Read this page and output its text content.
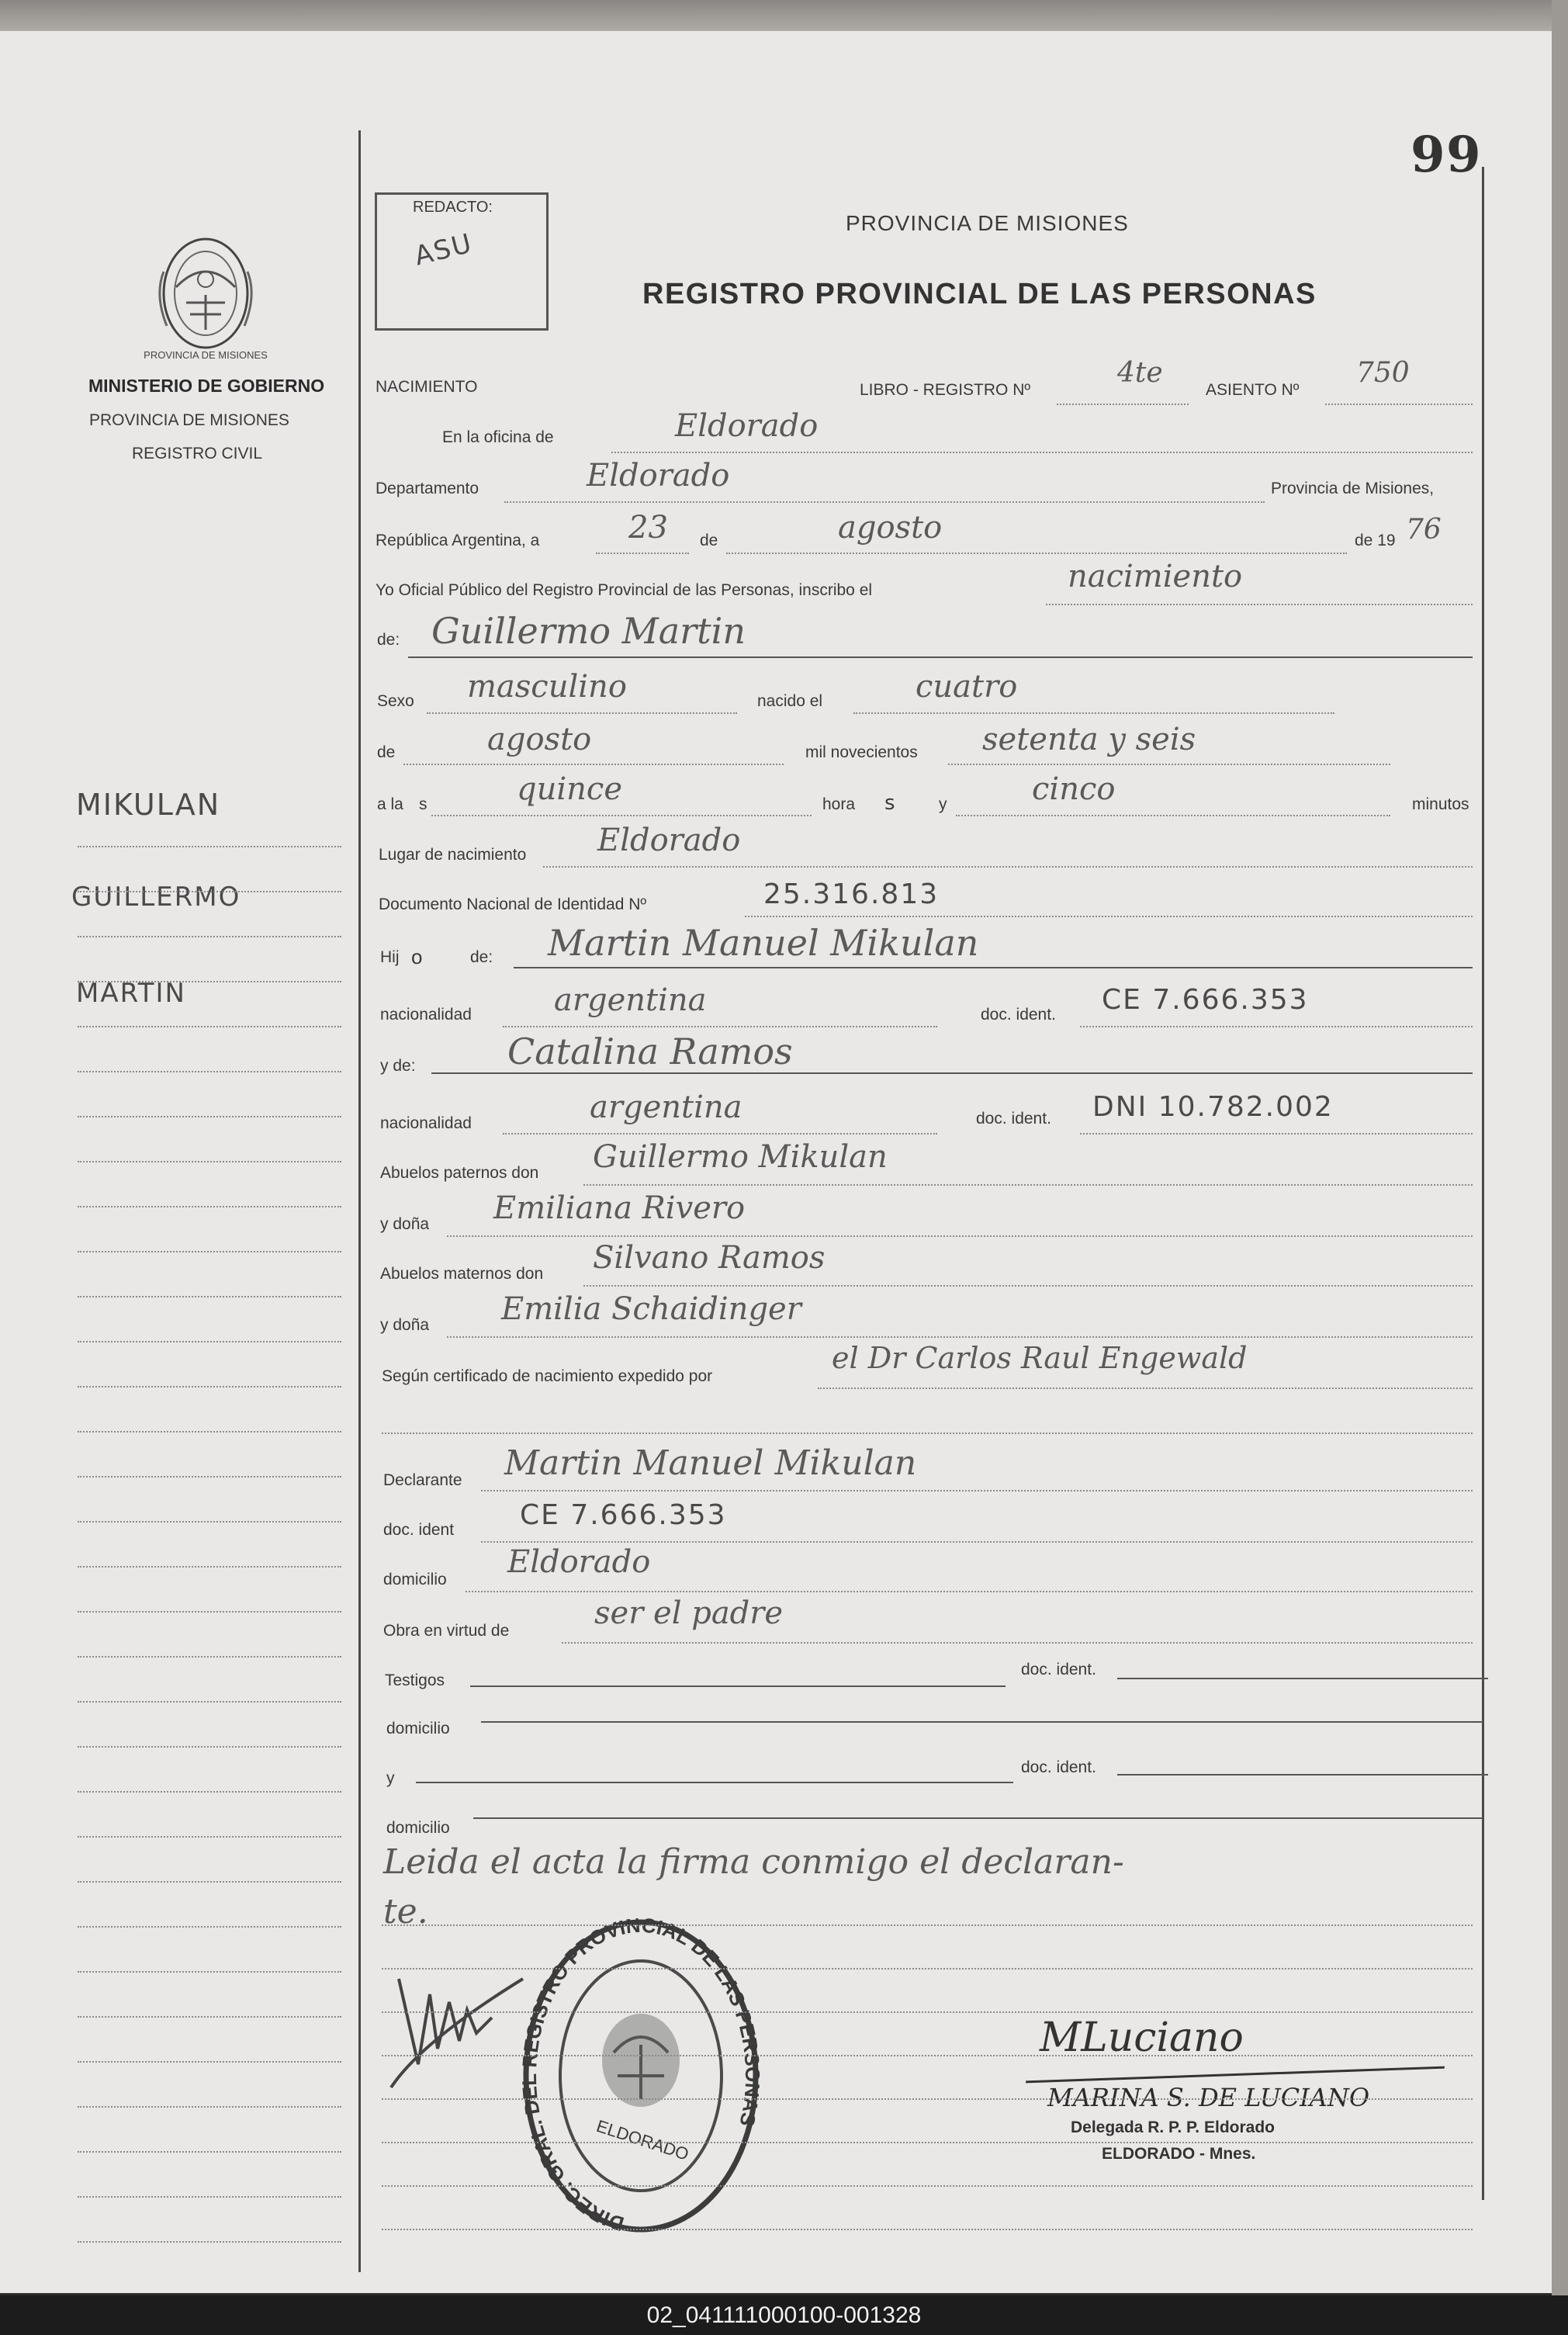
99
PROVINCIA DE MISIONES
MINISTERIO DE GOBIERNO
PROVINCIA DE MISIONES
REGISTRO CIVIL
MIKULAN
GUILLERMO
MARTIN
REDACTO:
ASU
PROVINCIA DE MISIONES
REGISTRO PROVINCIAL DE LAS PERSONAS
NACIMIENTO	LIBRO - REGISTRO Nº
4te
ASIENTO Nº
750
En la oficina de	Eldorado
Departamento	Eldorado	Provincia de Misiones,
República Argentina, a	23 de	agosto	de 19 76
Yo Oficial Público del Registro Provincial de las Personas, inscribo el	nacimiento
de: Guillermo Martin
Sexo masculino	nacido el	cuatro
de	agosto	mil novecientos setenta y seis
a la s	quince	hora s	y	cinco	minutos
Lugar de nacimiento Eldorado
Documento Nacional de Identidad Nº	25.316.813
Hij o	de: Martin Manuel Mikulan
nacionalidad	argentina	doc. ident. CE 7.666.353
y de:	Catalina Ramos
nacionalidad	argentina	doc. ident. DNI 10.782.002
Abuelos paternos don Guillermo Mikulan
y doña Emiliana Rivero
Abuelos maternos don Silvano Ramos
y doña Emilia Schaidinger
Según certificado de nacimiento expedido por
el Dr Carlos Raul Engewald
Declarante Martin Manuel Mikulan
doc. ident CE 7.666.353
domicilio Eldorado
Obra en virtud de	ser el padre
Testigos
doc. ident.
domicilio
y
doc. ident.
domicilio
Leida el acta la firma conmigo el declaran-
te.
DIREC. GRAL. DEL REGISTRO PROVINCIAL DE LAS PERSONAS
ELDORADO
MLuciano
MARINA S. DE LUCIANO
Delegada R. P. P. Eldorado
ELDORADO - Mnes.
02_041111000100-001328
